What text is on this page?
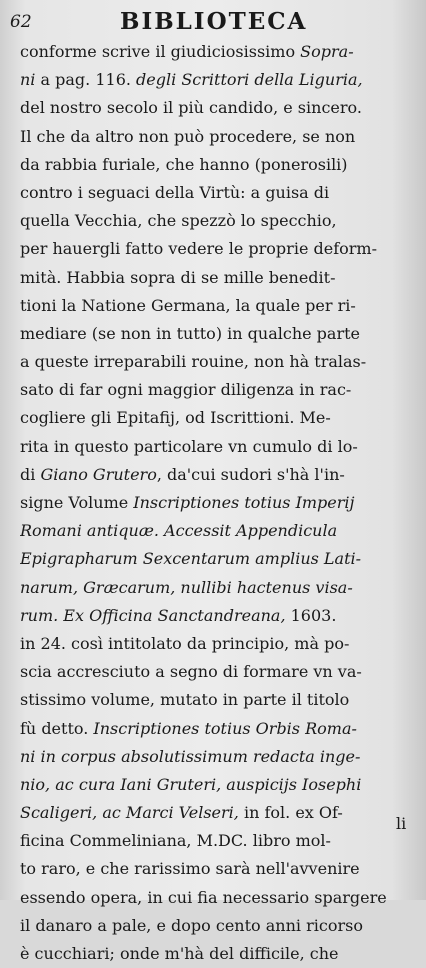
62	BIBLIOTECA
conforme scrive il giudiciosissimo Sopra-
ni a pag. 116. degli Scrittori della Liguria,
del nostro secolo il più candido, e sincero.
Il che da altro non può procedere, se non
da rabbia furiale, che hanno (ponerosili)
contro i seguaci della Virtù: a guisa di
quella Vecchia, che spezzò lo specchio,
per hauergli fatto vedere le proprie deform-
mità. Habbia sopra di se mille benedit-
tioni la Natione Germana, la quale per ri-
mediare (se non in tutto) in qualche parte
a queste irreparabili rouine, non hà tralas-
sato di far ogni maggior diligenza in rac-
cogliere gli Epitafij, od Iscrittioni. Me-
rita in questo particolare vn cumulo di lo-
di Giano Grutero, da'cui sudori s'hà l'in-
signe Volume Inscriptiones totius Imperij
Romani antiquæ. Accessit Appendicula
Epigrapharum Sexcentarum amplius Lati-
narum, Græcarum, nullibi hactenus visa-
rum. Ex Officina Sanctandreana, 1603.
in 24. così intitolato da principio, mà po-
scia accresciuto a segno di formare vn va-
stissimo volume, mutato in parte il titolo
fù detto. Inscriptiones totius Orbis Roma-
ni in corpus absolutissimum redacta inge-
nio, ac cura Iani Gruteri, auspicijs Iosephi
Scaligeri, ac Marci Velseri, in fol. ex Of-
ficina Commeliniana, M.DC. libro mol-
to raro, e che rarissimo sarà nell'avvenire
essendo opera, in cui fia necessario spargere
il danaro a pale, e dopo cento anni ricorso
è cucchiari; onde m'hà del difficile, che
li
